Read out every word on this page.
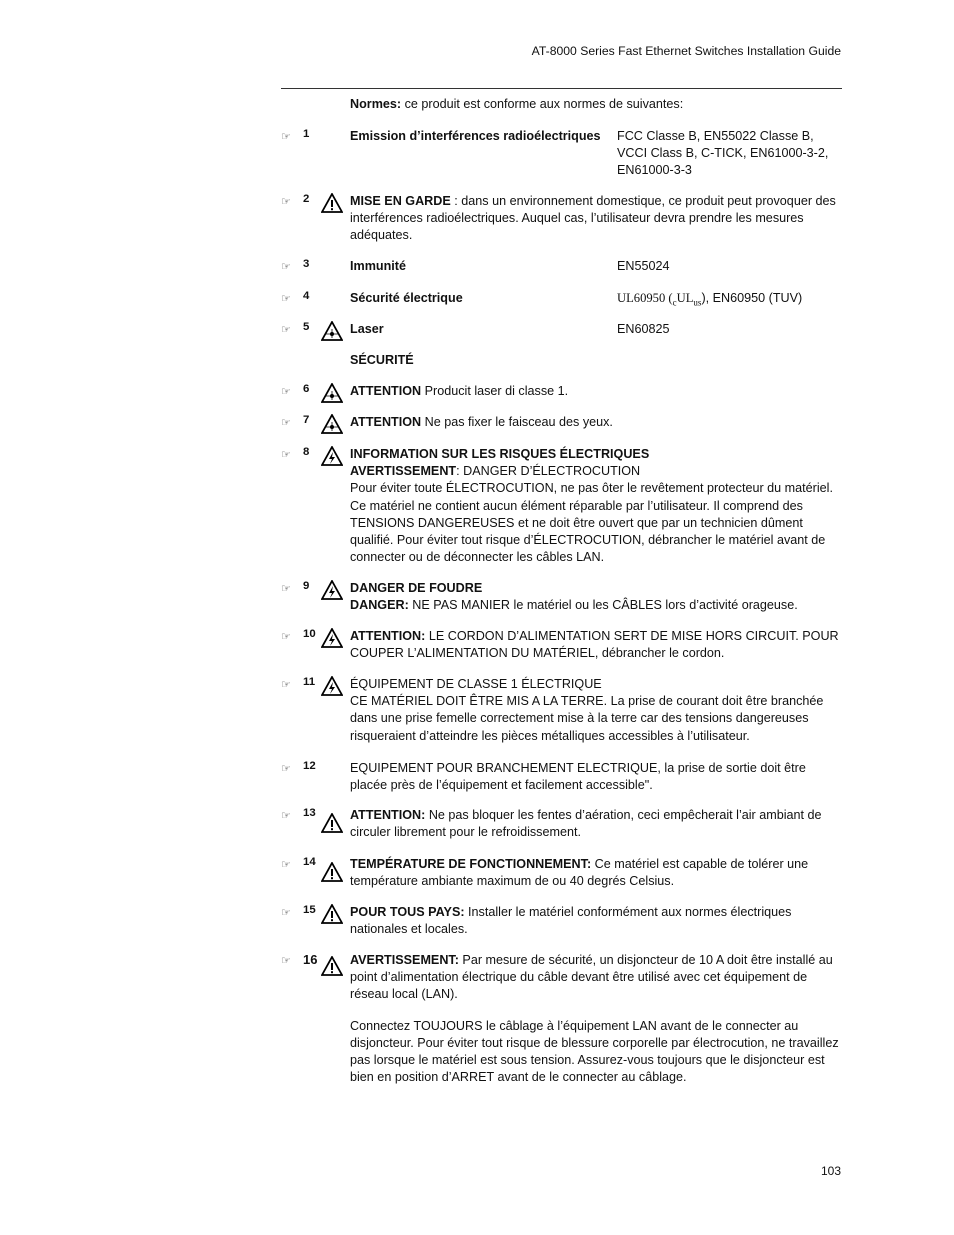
AT-8000 Series Fast Ethernet Switches Installation Guide

Normes: ce produit est conforme aux normes de suivantes:

☞ 1	Emission d’interférences radioélectriques	FCC Classe B, EN55022 Classe B, VCCI Class B, C-TICK, EN61000-3-2, EN61000-3-3
☞ 2	MISE EN GARDE : dans un environnement domestique, ce produit peut provoquer des interférences radioélectriques. Auquel cas, l’utilisateur devra prendre les mesures adéquates.

☞ 3	Immunité	EN55024
☞ 4	Sécurité électrique	UL60950 $(_cUL_{us})$, EN60950 (TUV)
☞ 5	Laser	EN60825
SÉCURITÉ
☞ 6	ATTENTION Producit laser di classe 1.

☞ 7	ATTENTION Ne pas fixer le faisceau des yeux.

☞ 8	INFORMATION SUR LES RISQUES ÉLECTRIQUES

AVERTISSEMENT: DANGER D’ÉLECTROCUTION

Pour éviter toute ÉLECTROCUTION, ne pas ôter le revêtement protecteur du matériel. Ce matériel ne contient aucun élément réparable par l’utilisateur. Il comprend des TENSIONS DANGEREUSES et ne doit être ouvert que par un technicien dûment qualifié. Pour éviter tout risque d’ÉLECTROCUTION, débrancher le matériel avant de connecter ou de déconnecter les câbles LAN.

☞ 9	DANGER DE FOUDRE

DANGER: NE PAS MANIER le matériel ou les CÂBLES lors d’activité orageuse.

☞ 10	ATTENTION: LE CORDON D’ALIMENTATION SERT DE MISE HORS CIRCUIT. POUR COUPER L’ALIMENTATION DU MATÉRIEL, débrancher le cordon.

☞ 11	ÉQUIPEMENT DE CLASSE 1 ÉLECTRIQUE

CE MATÉRIEL DOIT ÊTRE MIS A LA TERRE. La prise de courant doit être branchée dans une prise femelle correctement mise à la terre car des tensions dangereuses risqueraient d’atteindre les pièces métalliques accessibles à l’utilisateur.

☞ 12	EQUIPEMENT POUR BRANCHEMENT ELECTRIQUE, la prise de sortie doit être placée près de l’équipement et facilement accessible".

☞ 13	ATTENTION: Ne pas bloquer les fentes d’aération, ceci empêcherait l’air ambiant de circuler librement pour le refroidissement.

☞ 14	TEMPÉRATURE DE FONCTIONNEMENT: Ce matériel est capable de tolérer une température ambiante maximum de ou 40 degrés Celsius.

☞ 15	POUR TOUS PAYS: Installer le matériel conformément aux normes électriques nationales et locales.

☞ 16	AVERTISSEMENT: Par mesure de sécurité, un disjoncteur de 10 A doit être installé au point d’alimentation électrique du câble devant être utilisé avec cet équipement de réseau local (LAN).

Connectez TOUJOURS le câblage à l’équipement LAN avant de le connecter au disjoncteur. Pour éviter tout risque de blessure corporelle par électrocution, ne travaillez pas lorsque le matériel est sous tension. Assurez-vous toujours que le disjoncteur est bien en position d’ARRET avant de le connecter au câblage.

103
